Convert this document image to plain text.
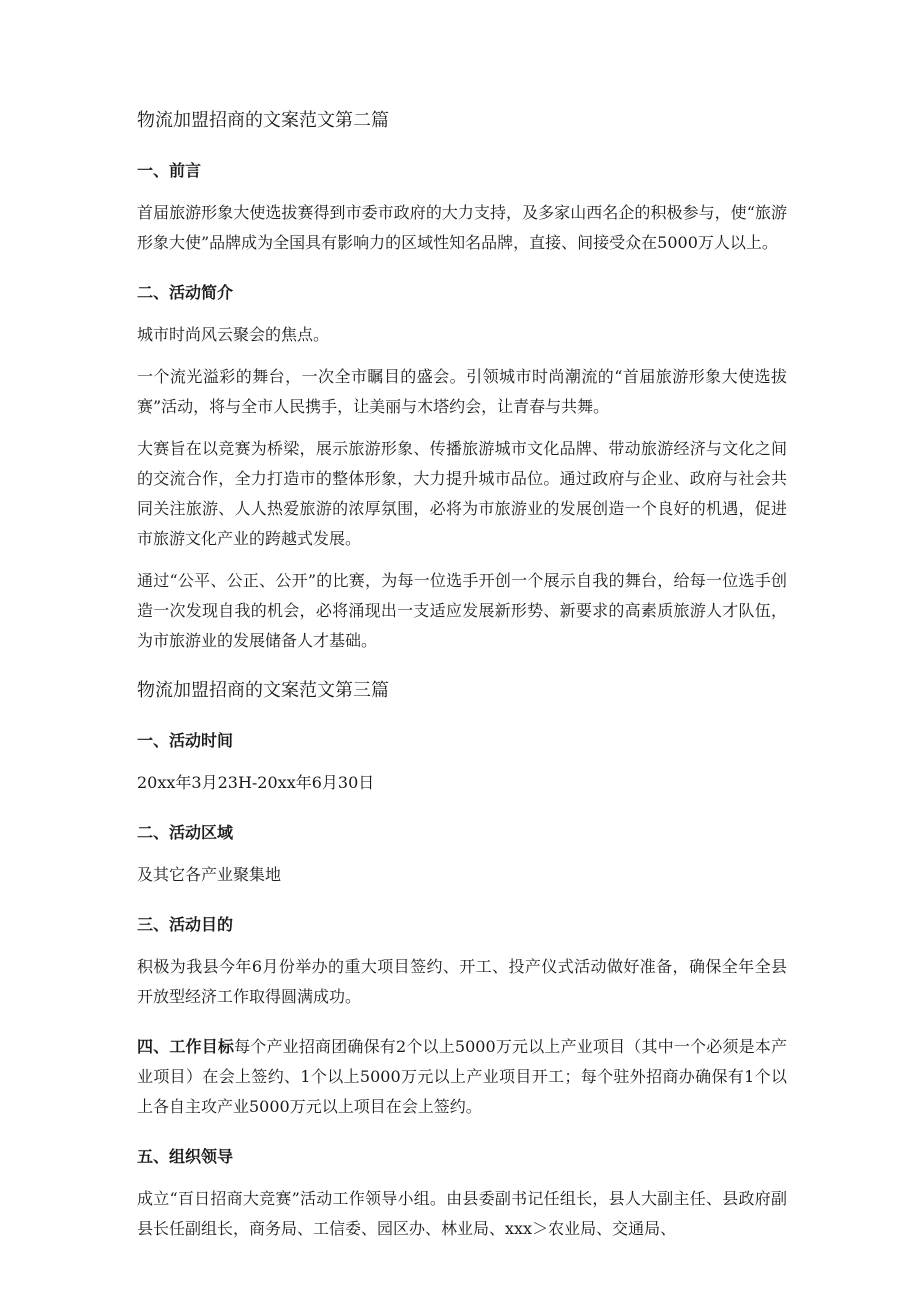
物流加盟招商的文案范文第二篇
一、前言

首届旅游形象大使选拔赛得到市委市政府的大力支持，及多家山西名企的积极参与，使“旅游形象大使”品牌成为全国具有影响力的区域性知名品牌，直接、间接受众在5000万人以上。

二、活动简介

城市时尚风云聚会的焦点。

一个流光溢彩的舞台，一次全市瞩目的盛会。引领城市时尚潮流的“首届旅游形象大使选拔赛”活动，将与全市人民携手，让美丽与木塔约会，让青春与共舞。

大赛旨在以竞赛为桥梁，展示旅游形象、传播旅游城市文化品牌、带动旅游经济与文化之间的交流合作，全力打造市的整体形象，大力提升城市品位。通过政府与企业、政府与社会共同关注旅游、人人热爱旅游的浓厚氛围，必将为市旅游业的发展创造一个良好的机遇，促进市旅游文化产业的跨越式发展。

通过“公平、公正、公开”的比赛，为每一位选手开创一个展示自我的舞台，给每一位选手创造一次发现自我的机会，必将涌现出一支适应发展新形势、新要求的高素质旅游人才队伍，为市旅游业的发展储备人才基础。

物流加盟招商的文案范文第三篇
一、活动时间

20xx年3月23H-20xx年6月30日

二、活动区域

及其它各产业聚集地

三、活动目的

积极为我县今年6月份举办的重大项目签约、开工、投产仪式活动做好准备，确保全年全县开放型经济工作取得圆满成功。

四、工作目标每个产业招商团确保有2个以上5000万元以上产业项目（其中一个必须是本产业项目）在会上签约、1个以上5000万元以上产业项目开工；每个驻外招商办确保有1个以上各自主攻产业5000万元以上项目在会上签约。

五、组织领导

成立“百日招商大竞赛”活动工作领导小组。由县委副书记任组长，县人大副主任、县政府副县长任副组长，商务局、工信委、园区办、林业局、xxx＞农业局、交通局、
